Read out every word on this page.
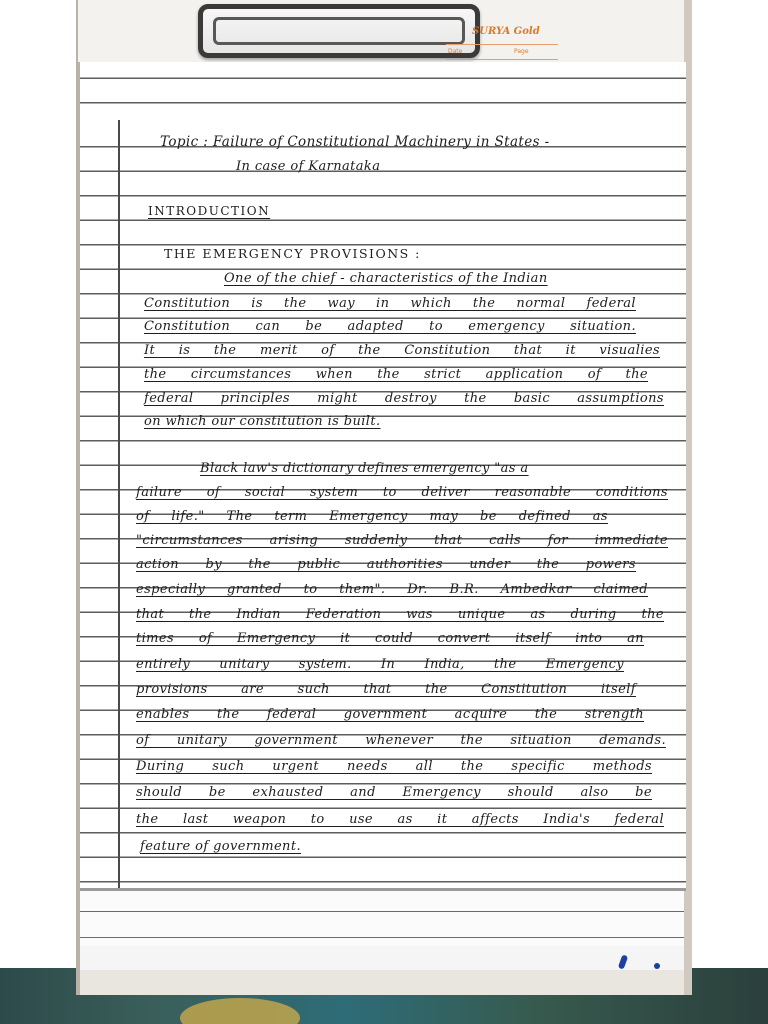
SURYA Gold
Date	Page
Topic : Failure of Constitutional Machinery in States -
In case of Karnataka
INTRODUCTION
THE EMERGENCY PROVISIONS :
One of the chief - characteristics of the Indian
Constitution is the way in which the normal federal
Constitution can be adapted to emergency situation.
It is the merit of the Constitution that it visualies
the circumstances when the strict application of the
federal principles might destroy the basic assumptions
on which our constitution is built.
Black law's dictionary defines emergency "as a
failure of social system to deliver reasonable conditions
of life." The term Emergency may be defined as
"circumstances arising suddenly that calls for immediate
action by the public authorities under the powers
especially granted to them". Dr. B.R. Ambedkar claimed
that the Indian Federation was unique as during the
times of Emergency it could convert itself into an
entirely unitary system. In India, the Emergency
provisions are such that the Constitution itself
enables the federal government acquire the strength
of unitary government whenever the situation demands.
During such urgent needs all the specific methods
should be exhausted and Emergency should also be
the last weapon to use as it affects India's federal
feature of government.
